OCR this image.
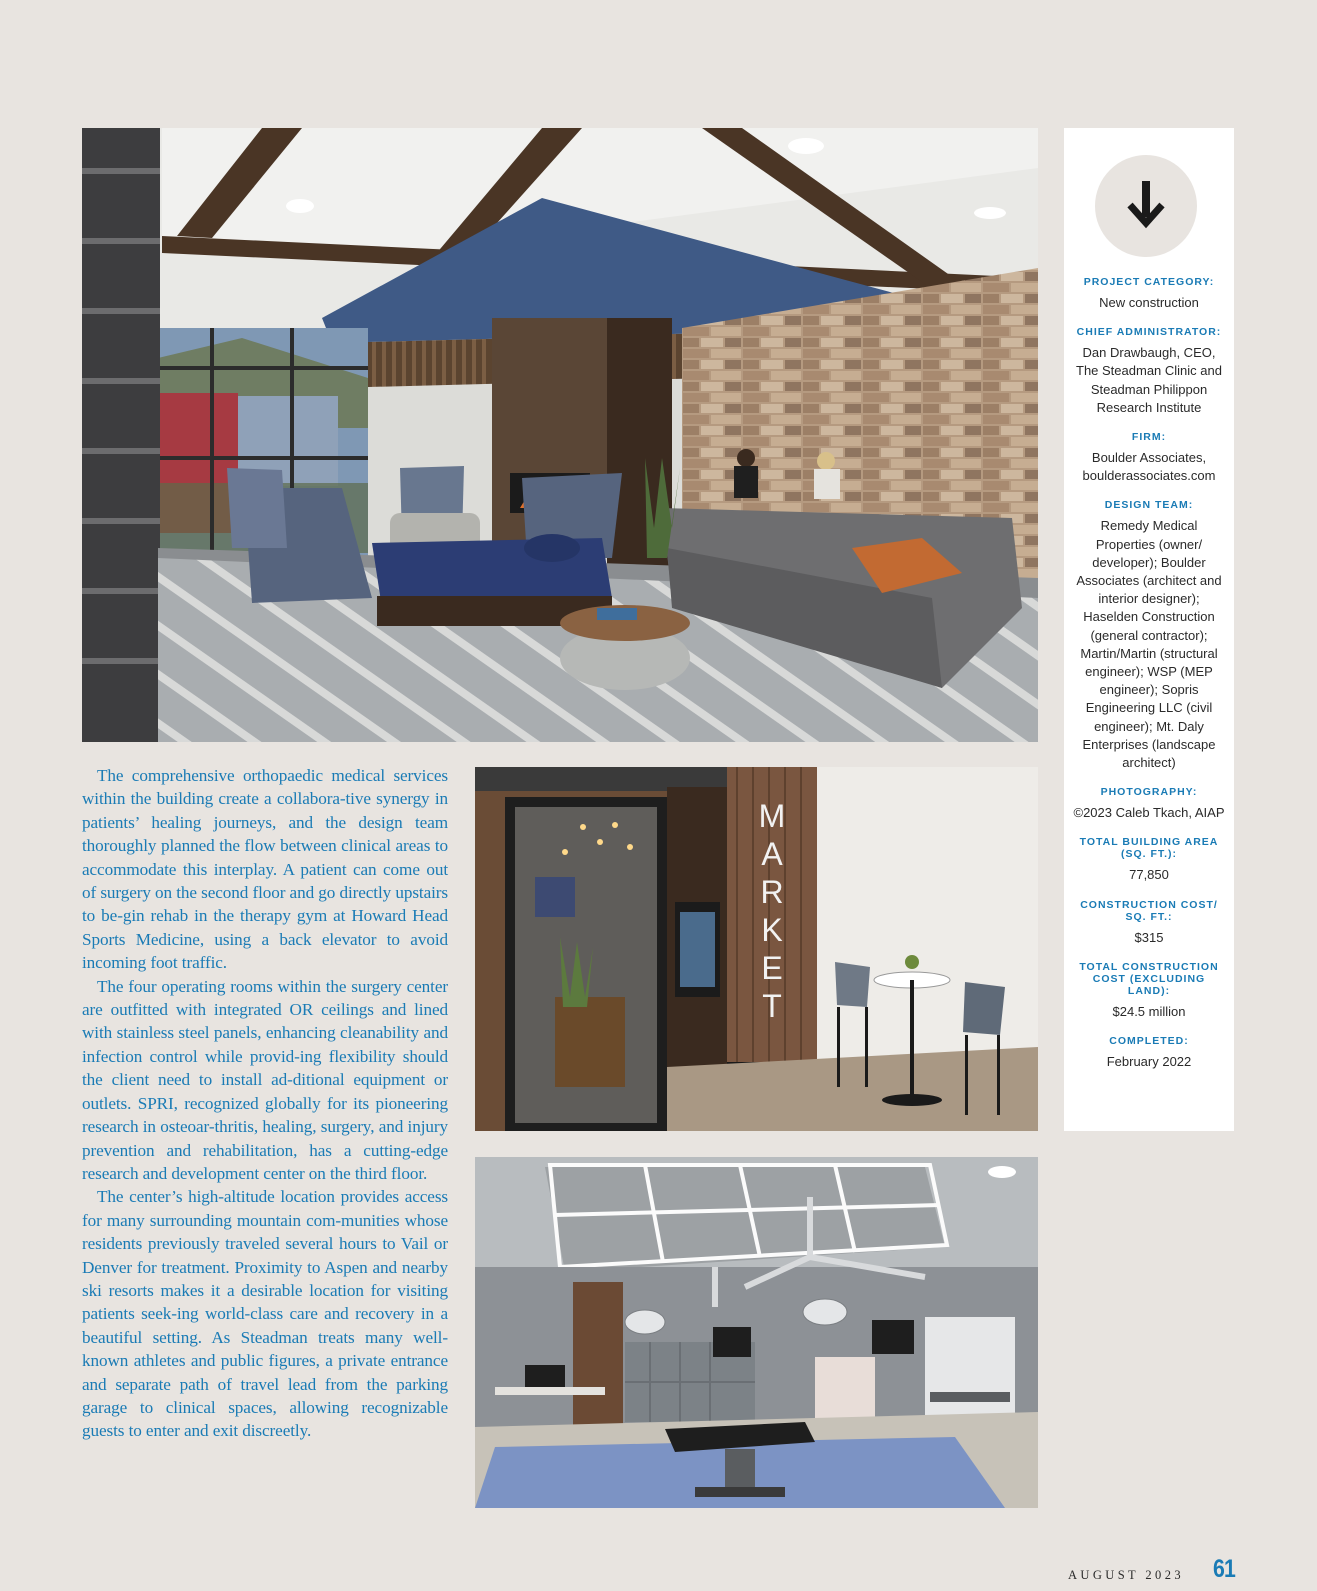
M A R K E T

The comprehensive orthopaedic medical services within the building create a collabora-tive synergy in patients’ healing journeys, and the design team thoroughly planned the flow between clinical areas to accommodate this interplay. A patient can come out of surgery on the second floor and go directly upstairs to be-gin rehab in the therapy gym at Howard Head Sports Medicine, using a back elevator to avoid incoming foot traffic.

The four operating rooms within the surgery center are outfitted with integrated OR ceilings and lined with stainless steel panels, enhancing cleanability and infection control while provid-ing flexibility should the client need to install ad-ditional equipment or outlets. SPRI, recognized globally for its pioneering research in osteoar-thritis, healing, surgery, and injury prevention and rehabilitation, has a cutting-edge research and development center on the third floor.

The center’s high-altitude location provides access for many surrounding mountain com-munities whose residents previously traveled several hours to Vail or Denver for treatment. Proximity to Aspen and nearby ski resorts makes it a desirable location for visiting patients seek-ing world-class care and recovery in a beautiful setting. As Steadman treats many well-known athletes and public figures, a private entrance and separate path of travel lead from the parking garage to clinical spaces, allowing recognizable guests to enter and exit discreetly.

PROJECT CATEGORY:
New construction
CHIEF ADMINISTRATOR:
Dan Drawbaugh, CEO, The Steadman Clinic and Steadman Philippon Research Institute
FIRM:
Boulder Associates, boulderassociates.com
DESIGN TEAM:
Remedy Medical Properties (owner/ developer); Boulder Associates (architect and interior designer); Haselden Construction (general contractor); Martin/Martin (structural engineer); WSP (MEP engineer); Sopris Engineering LLC (civil engineer); Mt. Daly Enterprises (landscape architect)
PHOTOGRAPHY:
©2023 Caleb Tkach, AIAP
TOTAL BUILDING AREA (SQ. FT.):
77,850
CONSTRUCTION COST/ SQ. FT.:
$315
TOTAL CONSTRUCTION COST (EXCLUDING LAND):
$24.5 million
COMPLETED:
February 2022
AUGUST 2023 61
